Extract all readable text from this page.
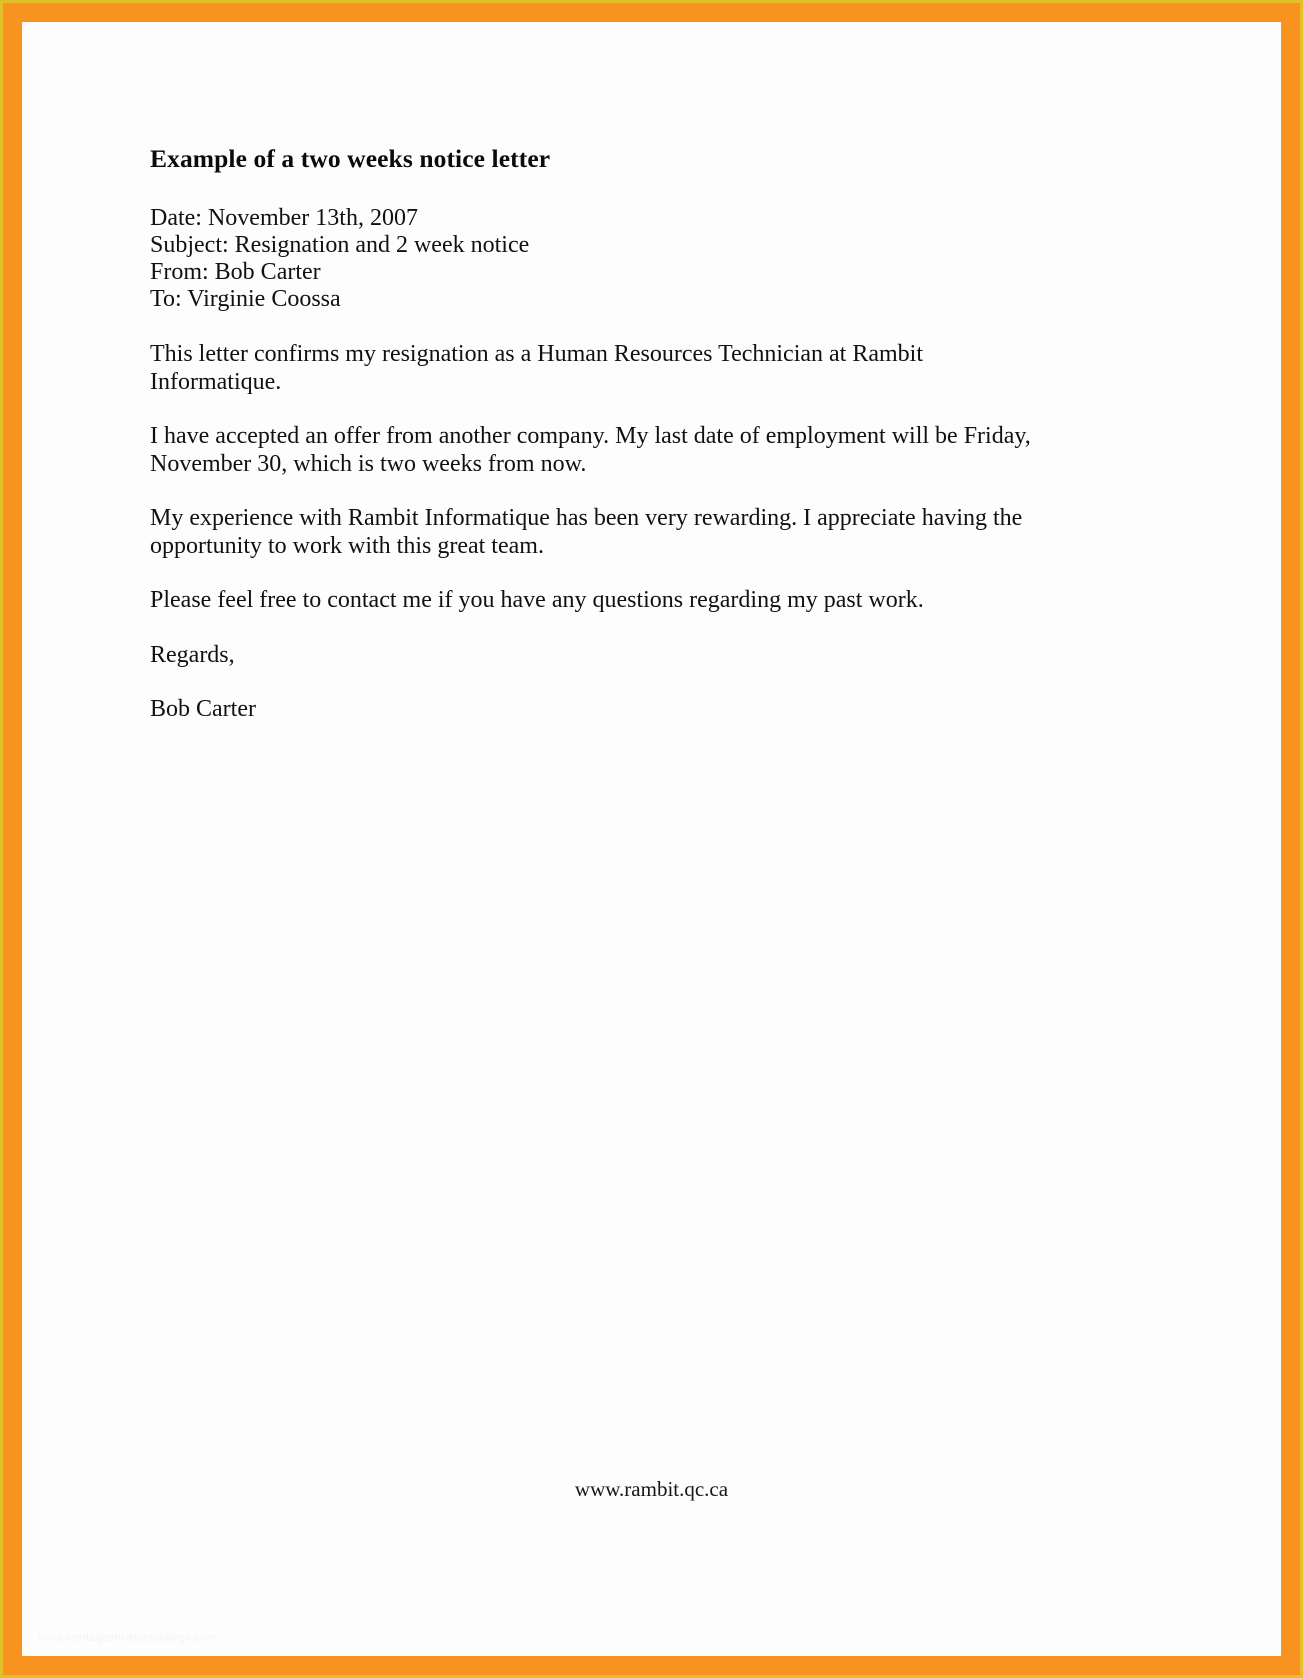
Example of a two weeks notice letter
Date: November 13th, 2007
Subject: Resignation and 2 week notice
From: Bob Carter
To: Virginie Coossa

This letter confirms my resignation as a Human Resources Technician at Rambit Informatique.

I have accepted an offer from another company. My last date of employment will be Friday, November 30, which is two weeks from now.

My experience with Rambit Informatique has been very rewarding. I appreciate having the opportunity to work with this great team.

Please feel free to contact me if you have any questions regarding my past work.

Regards,

Bob Carter

www.rambit.qc.ca
www.heritagechristiancollege.com
